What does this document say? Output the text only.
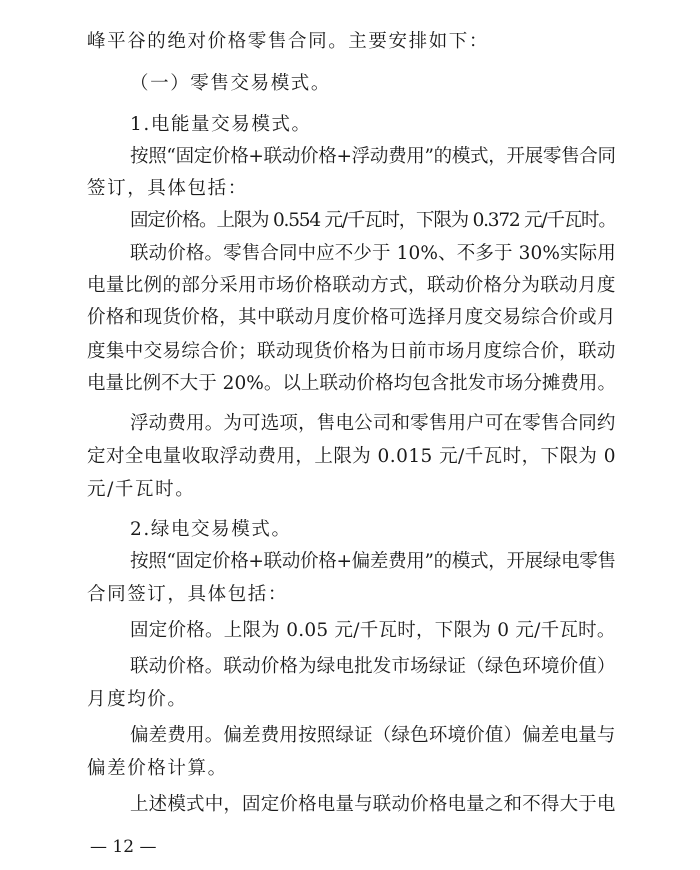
峰平谷的绝对价格零售合同。主要安排如下：
（一）零售交易模式。
1.电能量交易模式。
按照“固定价格+联动价格+浮动费用”的模式，开展零售合同
签订，具体包括：
固定价格。上限为 0.554 元/千瓦时，下限为 0.372 元/千瓦时。
联动价格。零售合同中应不少于 10%、不多于 30%实际用
电量比例的部分采用市场价格联动方式，联动价格分为联动月度
价格和现货价格，其中联动月度价格可选择月度交易综合价或月
度集中交易综合价；联动现货价格为日前市场月度综合价，联动
电量比例不大于 20%。以上联动价格均包含批发市场分摊费用。
浮动费用。为可选项，售电公司和零售用户可在零售合同约
定对全电量收取浮动费用，上限为 0.015 元/千瓦时，下限为 0
元/千瓦时。
2.绿电交易模式。
按照“固定价格+联动价格+偏差费用”的模式，开展绿电零售
合同签订，具体包括：
固定价格。上限为 0.05 元/千瓦时，下限为 0 元/千瓦时。
联动价格。联动价格为绿电批发市场绿证（绿色环境价值）
月度均价。
偏差费用。偏差费用按照绿证（绿色环境价值）偏差电量与
偏差价格计算。
上述模式中，固定价格电量与联动价格电量之和不得大于电
— 12 —
